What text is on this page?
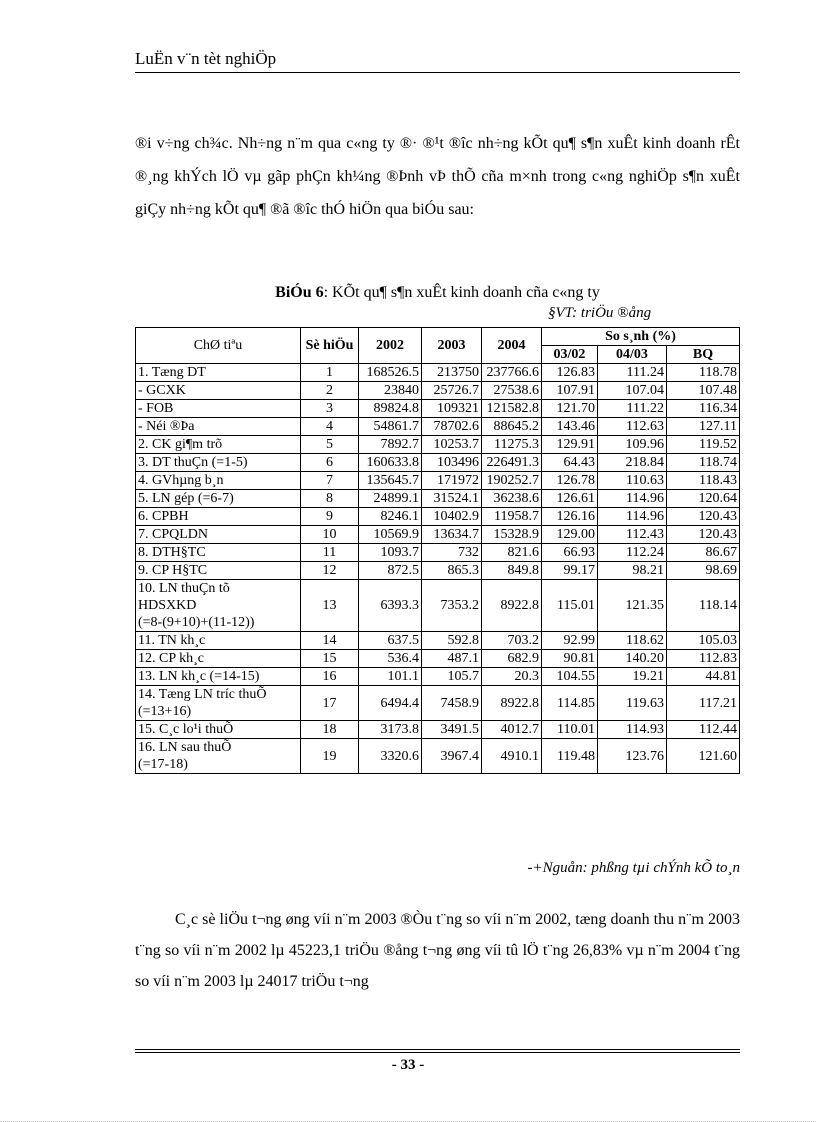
LuËn v¨n tèt nghiÖp
®i v÷ng ch¾c. Nh÷ng n¨m qua c«ng ty ®· ®¹t ®îc nh÷ng kÕt qu¶ s¶n xuÊt kinh doanh rÊt ®¸ng khÝch lÖ vµ gãp phÇn kh¼ng ®Þnh vÞ thÕ cña m×nh trong c«ng nghiÖp s¶n xuÊt giÇy nh÷ng kÕt qu¶ ®ã ®îc thÓ hiÖn qua biÓu sau:
BiÓu 6: KÕt qu¶ s¶n xuÊt kinh doanh cña c«ng ty
§VT: triÖu ®ång
ChØ tiªu	Sè hiÖu	2002	2003	2004	So s¸nh (%)		
					03/02	04/03	BQ
1. Tæng DT	1	168526.5	213750	237766.6	126.83	111.24	118.78
- GCXK	2	23840	25726.7	27538.6	107.91	107.04	107.48
- FOB	3	89824.8	109321	121582.8	121.70	111.22	116.34
- Néi ®Þa	4	54861.7	78702.6	88645.2	143.46	112.63	127.11
2. CK gi¶m trõ	5	7892.7	10253.7	11275.3	129.91	109.96	119.52
3. DT thuÇn (=1-5)	6	160633.8	103496	226491.3	64.43	218.84	118.74
4. GVhµng b¸n	7	135645.7	171972	190252.7	126.78	110.63	118.43
5. LN gép (=6-7)	8	24899.1	31524.1	36238.6	126.61	114.96	120.64
6. CPBH	9	8246.1	10402.9	11958.7	126.16	114.96	120.43
7. CPQLDN	10	10569.9	13634.7	15328.9	129.00	112.43	120.43
8. DTH§TC	11	1093.7	732	821.6	66.93	112.24	86.67
9. CP H§TC	12	872.5	865.3	849.8	99.17	98.21	98.69
10. LN thuÇn tõ
HDSXKD
(=8-(9+10)+(11-12))	13	6393.3	7353.2	8922.8	115.01	121.35	118.14
11. TN kh¸c	14	637.5	592.8	703.2	92.99	118.62	105.03
12. CP kh¸c	15	536.4	487.1	682.9	90.81	140.20	112.83
13. LN kh¸c (=14-15)	16	101.1	105.7	20.3	104.55	19.21	44.81
14. Tæng LN tríc thuÕ
(=13+16)	17	6494.4	7458.9	8922.8	114.85	119.63	117.21
15. C¸c lo¹i thuÕ	18	3173.8	3491.5	4012.7	110.01	114.93	112.44
16. LN sau thuÕ
(=17-18)	19	3320.6	3967.4	4910.1	119.48	123.76	121.60
-+Nguån: phßng tµi chÝnh kÕ to¸n
C¸c sè liÖu t¬ng øng víi n¨m 2003 ®Òu t¨ng so víi n¨m 2002, tæng doanh thu n¨m 2003 t¨ng so víi n¨m 2002 lµ 45223,1 triÖu ®ång t¬ng øng víi tû lÖ t¨ng 26,83% vµ n¨m 2004 t¨ng so víi n¨m 2003 lµ 24017 triÖu t¬ng
- 33 -
